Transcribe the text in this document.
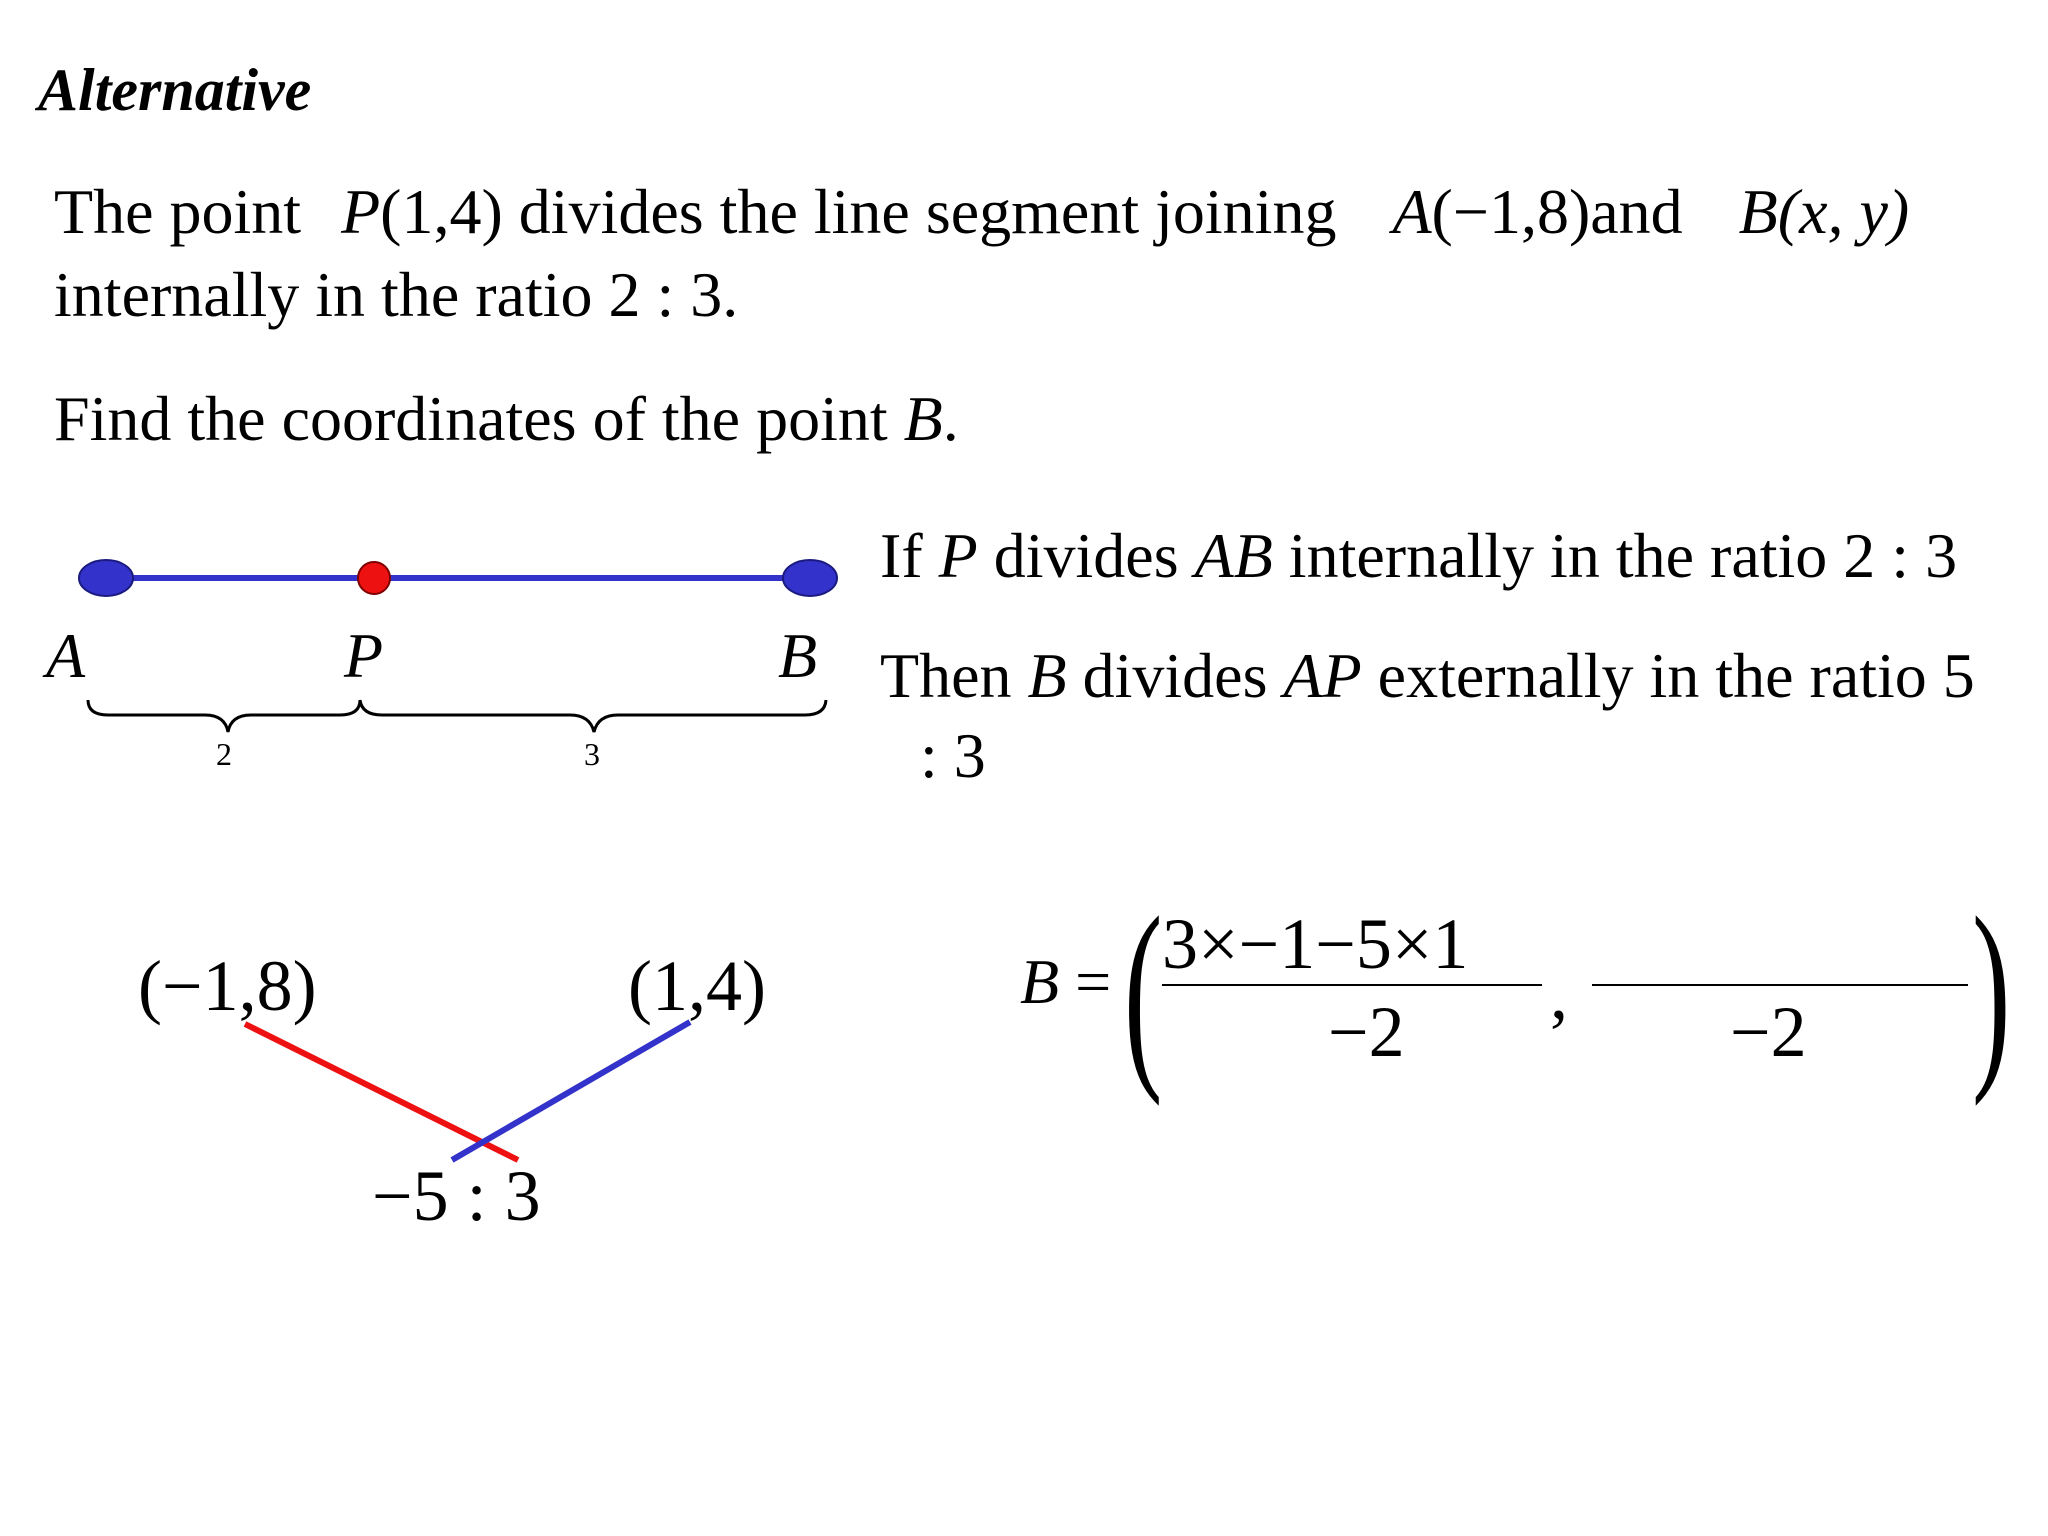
Alternative
The point P(1,4) divides the line segment joining A(−1,8)and B(x, y)
internally in the ratio 2 : 3.
Find the coordinates of the point B.
A	P	B
2	3
If P divides AB internally in the ratio 2 : 3
Then B divides AP externally in the ratio 5
: 3
(−1,8)	(1,4)
−5 : 3
B = ( 3×−1−5×1
−2 , −2 )
